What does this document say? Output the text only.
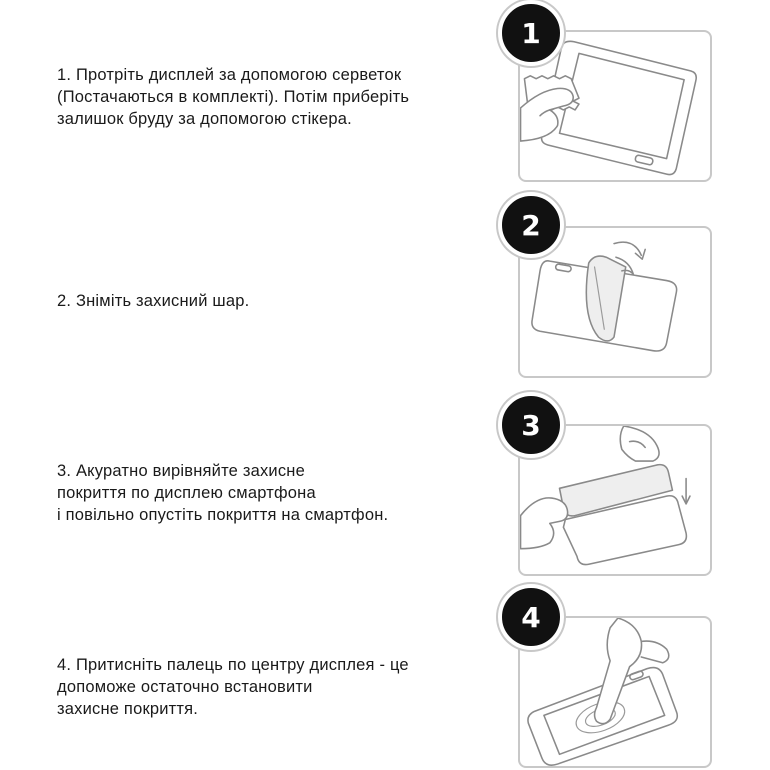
1. Протріть дисплей за допомогою серветок
(Постачаються в комплекті). Потім приберіть
залишок бруду за допомогою стікера.
1
2. Зніміть захисний шар.
2
3. Акуратно вирівняйте захисне
покриття по дисплею смартфона
і повільно опустіть покриття на смартфон.
3
4. Притисніть палець по центру дисплея - це
допоможе остаточно встановити
захисне покриття.
4
